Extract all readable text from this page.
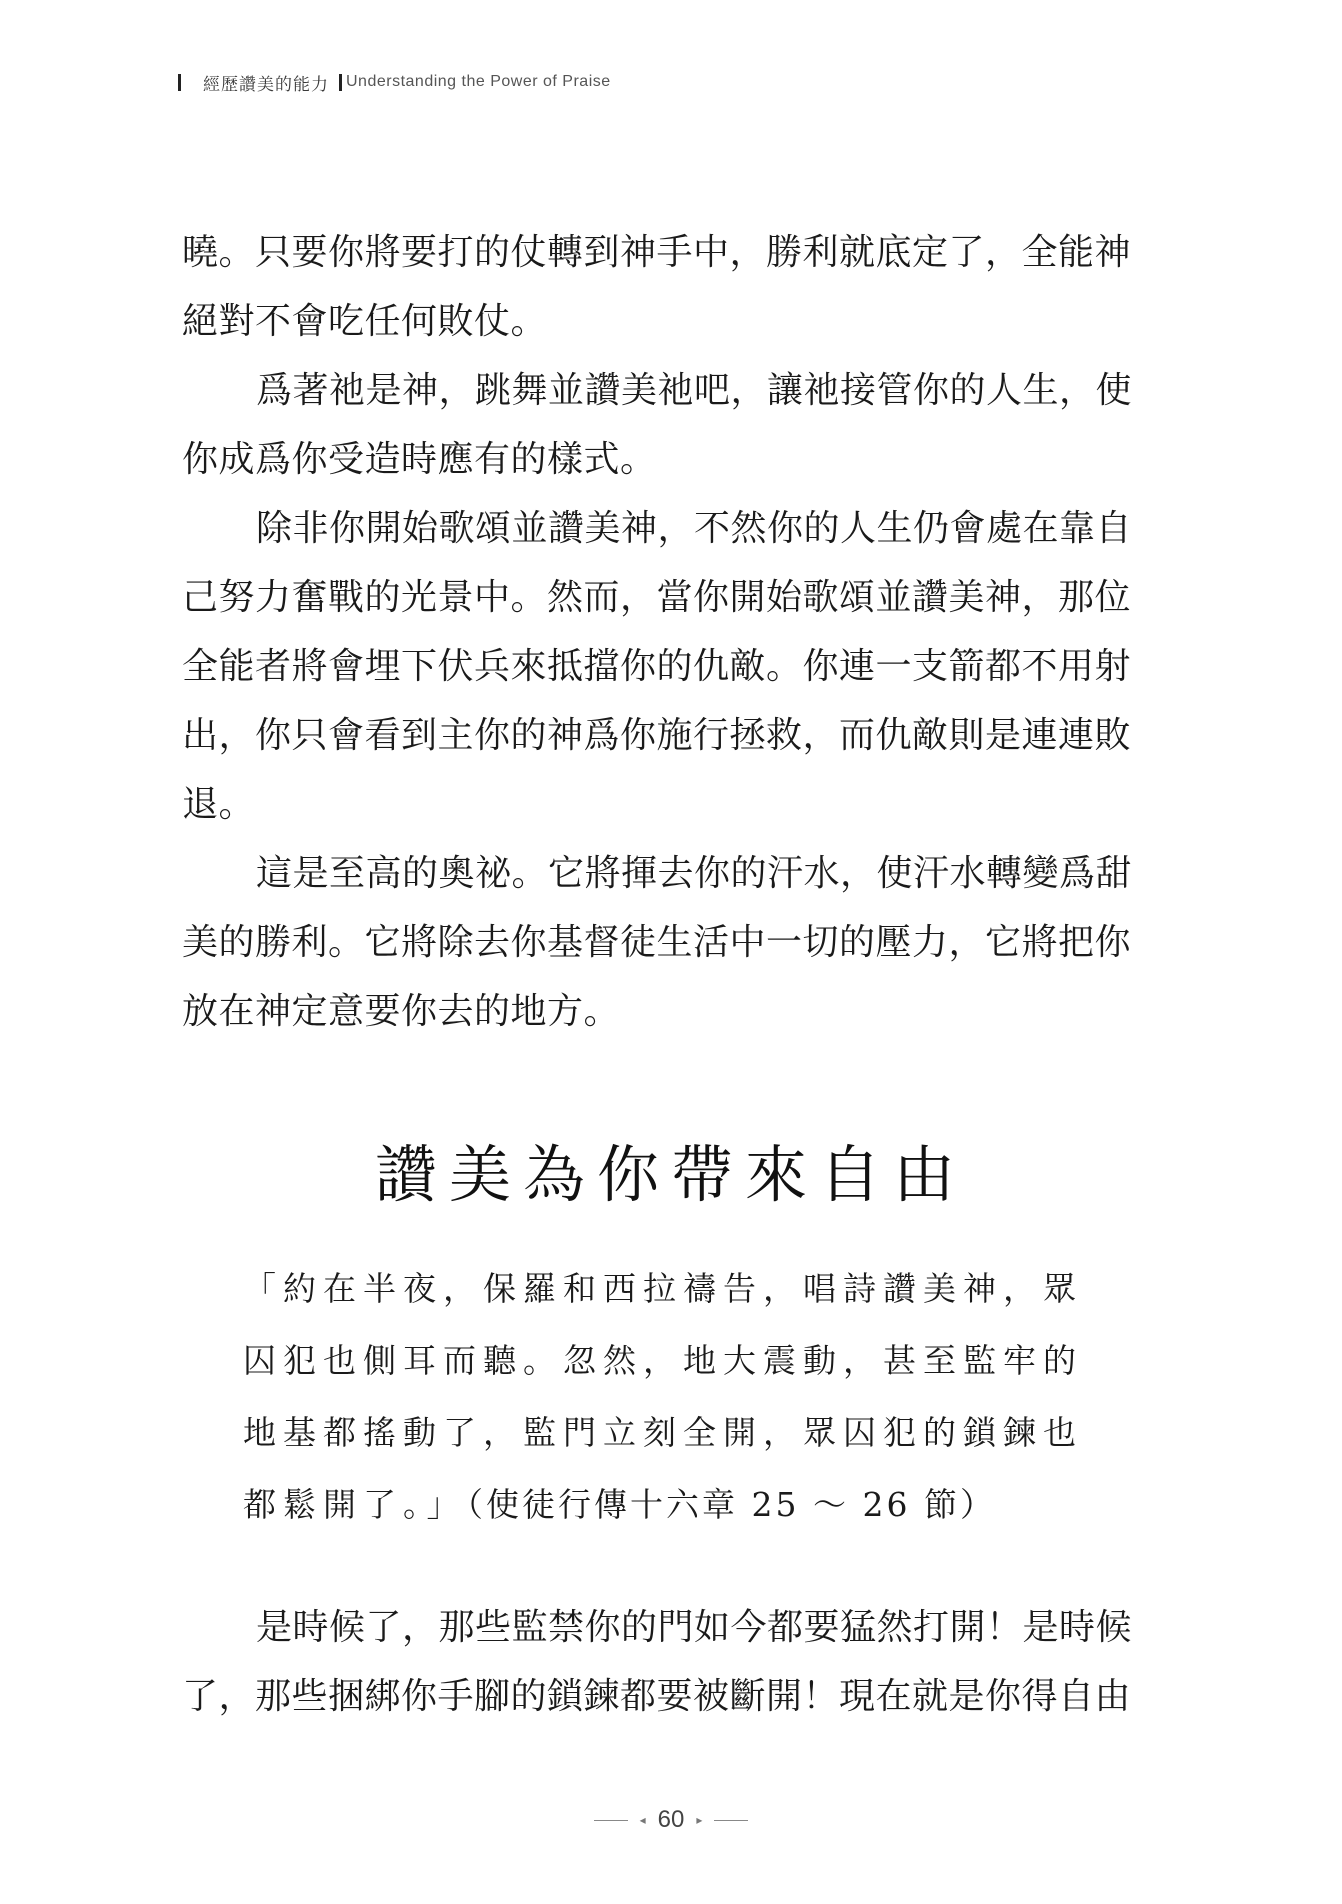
經歷讚美的能力 Understanding the Power of Praise

曉。只要你將要打的仗轉到神手中，勝利就底定了，全能神絕對不會吃任何敗仗。

爲著祂是神，跳舞並讚美祂吧，讓祂接管你的人生，使你成爲你受造時應有的樣式。

除非你開始歌頌並讚美神，不然你的人生仍會處在靠自己努力奮戰的光景中。然而，當你開始歌頌並讚美神，那位全能者將會埋下伏兵來抵擋你的仇敵。你連一支箭都不用射出，你只會看到主你的神爲你施行拯救，而仇敵則是連連敗退。

這是至高的奧祕。它將揮去你的汗水，使汗水轉變爲甜美的勝利。它將除去你基督徒生活中一切的壓力，它將把你放在神定意要你去的地方。

讚美為你帶來自由

「約在半夜，保羅和西拉禱告，唱詩讚美神，眾囚犯也側耳而聽。忽然，地大震動，甚至監牢的地基都搖動了，監門立刻全開，眾囚犯的鎖鍊也都鬆開了。」（使徒行傳十六章 25 ～ 26 節）

是時候了，那些監禁你的門如今都要猛然打開！是時候了，那些捆綁你手腳的鎖鍊都要被斷開！現在就是你得自由

◂ 60 ▸
